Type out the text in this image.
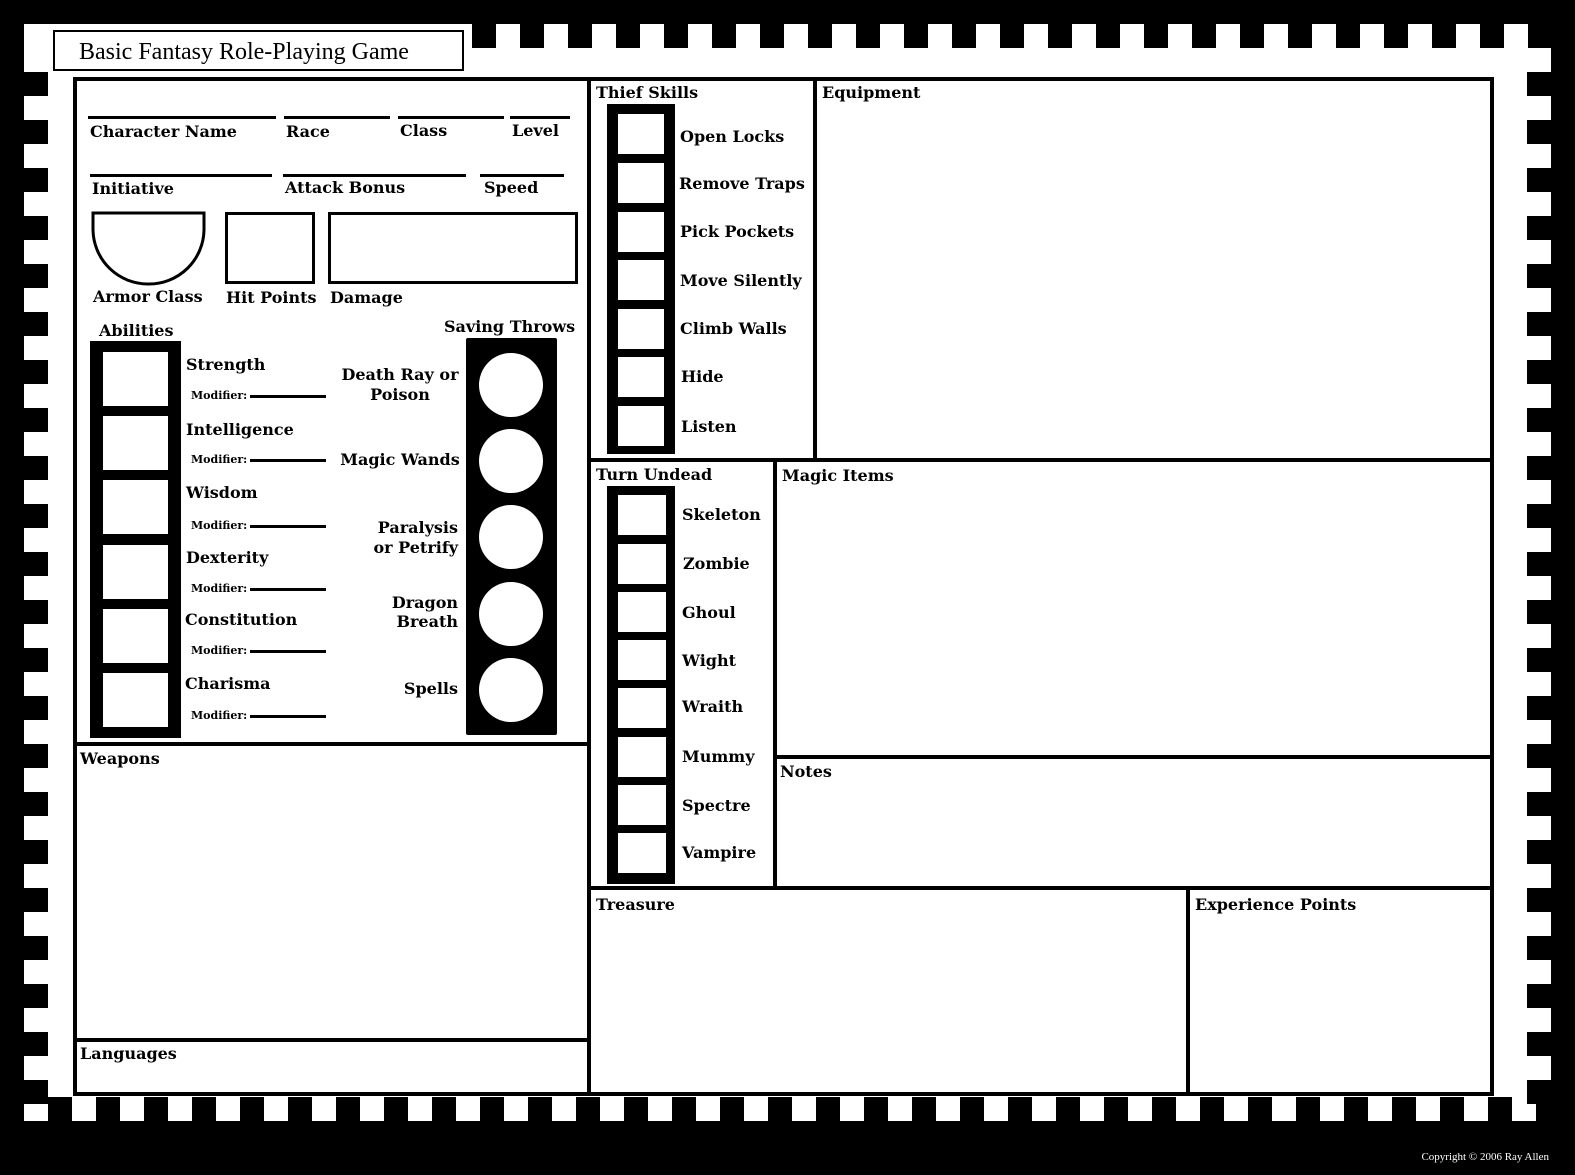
Basic Fantasy Role-Playing Game
Copyright © 2006 Ray Allen
Character Name	Race	Class	Level
Initiative	Attack Bonus	Speed
Armor Class Hit Points Damage
Abilities
Strength
Intelligence
Wisdom
Dexterity
Constitution
Charisma
Modifier:
Modifier:
Modifier:
Modifier:
Modifier:
Modifier:
Saving Throws
Death Ray or
Poison
Magic Wands
Paralysis
or Petrify
Dragon
Breath
Spells
Weapons
Languages
Thief Skills
Open Locks
Remove Traps
Pick Pockets
Move Silently
Climb Walls
Hide
Listen
Equipment
Turn Undead
Skeleton
Zombie
Ghoul
Wight
Wraith
Mummy
Spectre
Vampire
Magic Items
Notes
Treasure	Experience Points
